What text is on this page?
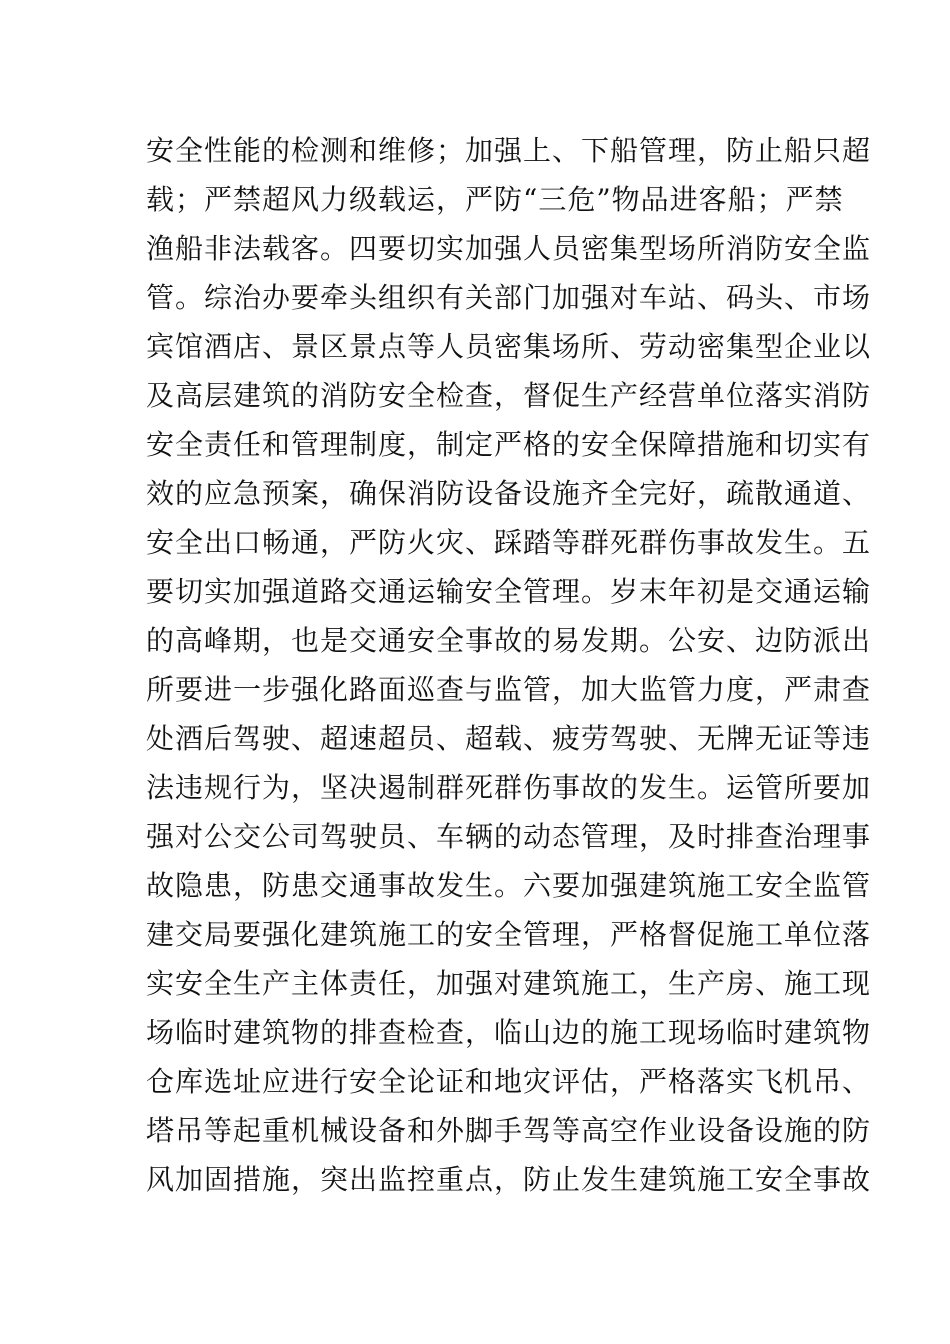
安全性能的检测和维修；加强上、下船管理，防止船只超
载；严禁超风力级载运，严防“三危”物品进客船；严禁
渔船非法载客。四要切实加强人员密集型场所消防安全监
管。综治办要牵头组织有关部门加强对车站、码头、市场
宾馆酒店、景区景点等人员密集场所、劳动密集型企业以
及高层建筑的消防安全检查，督促生产经营单位落实消防
安全责任和管理制度，制定严格的安全保障措施和切实有
效的应急预案，确保消防设备设施齐全完好，疏散通道、
安全出口畅通，严防火灾、踩踏等群死群伤事故发生。五
要切实加强道路交通运输安全管理。岁末年初是交通运输
的高峰期，也是交通安全事故的易发期。公安、边防派出
所要进一步强化路面巡查与监管，加大监管力度，严肃查
处酒后驾驶、超速超员、超载、疲劳驾驶、无牌无证等违
法违规行为，坚决遏制群死群伤事故的发生。运管所要加
强对公交公司驾驶员、车辆的动态管理，及时排查治理事
故隐患，防患交通事故发生。六要加强建筑施工安全监管
建交局要强化建筑施工的安全管理，严格督促施工单位落
实安全生产主体责任，加强对建筑施工，生产房、施工现
场临时建筑物的排查检查，临山边的施工现场临时建筑物
仓库选址应进行安全论证和地灾评估，严格落实飞机吊、
塔吊等起重机械设备和外脚手驾等高空作业设备设施的防
风加固措施，突出监控重点，防止发生建筑施工安全事故
